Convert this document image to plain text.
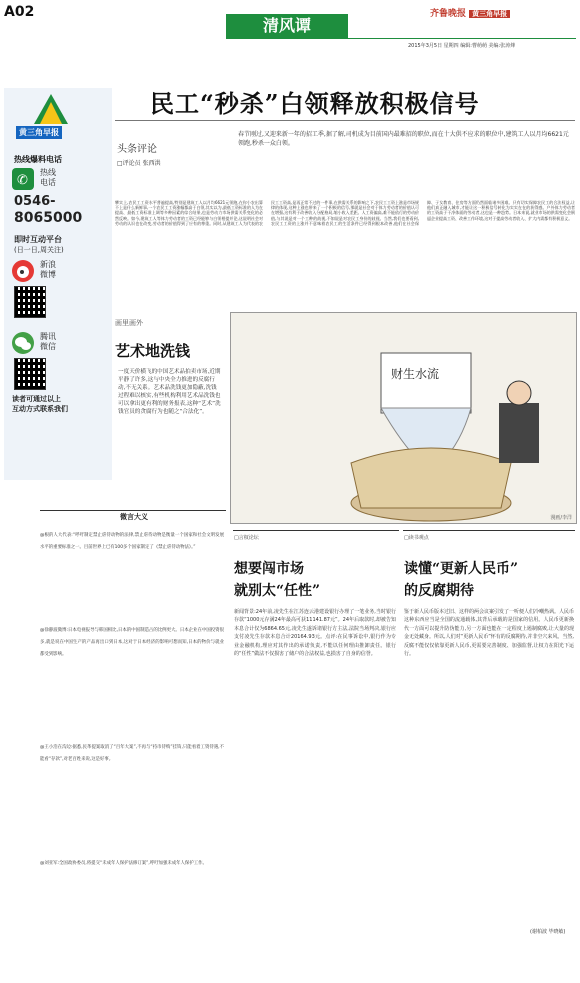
A02
清风谭
齐鲁晚报 黄三角早报
2015年3月5日 星期四 编辑:曹萌萌 美编:张涛烽
民工“秒杀”白领释放积极信号
黄三角早报
热线爆料电话
✆
热线
电话
0546-
8065000
即时互动平台
(日一日,周关注)
新浪
微博
腾讯
微信
读者可通过以上
互动方式联系我们
头条评论
□评论员 张西洪
春节刚过,又迎来新一年的招工季,据了解,司机成为目前国内最难招的职位,而在十大供不应求的职位中,建筑工人以月均6621元领跑,秒杀一众白领。
攀实上,农民工工资水平普遍提高,特别是建筑工人以月均6621元领跑,在你小农出算不上是什么新鲜事,一个农民工工资涨幅都高于白领,其实以为,最低工资标准的人为在提高、最低工资标准上调等多种因素的综合结果,也是劳动力市场供需关系变化的必然反映。如今,建筑工人等体力劳动者的工资已经能够与白领相提并论,这说明社会对劳动的认识也在改变,劳动者的价值得到了应有的尊重。同时,从建筑工人为代表的农民工工资高,是再正常不过的一件事,在供需关系的影响之下,农民工工资上涨是市场规律的体现,这种上涨也带来了一个积极的信号,那就是社会对于体力劳动者的价值认可在增强,这有利于改善收入分配格局,缩小收入差距。人工资偏高,难不能依行的劳动价值,与其说是对一个工种的歧视,不如说是对农民工身份的歧视。当然,我们也要看到,农民工工资的上涨并不意味着农民工的生活条件已经得到根本改善,他们在社会保障、子女教育、住房等方面仍然面临诸多困难。只有切实保障农民工的合法权益,让他们真正融入城市,才能让这一积极信号转化为实实在在的获得感。户外体力劳动者的工资高于干净体面的劳动者,这也是一种趋势。日本来说,就业市场的供需变化会倒逼企业提高工资、改善工作环境,这对于提高劳动者收入、扩大内需都有积极意义。
画里画外
艺术地洗钱
一度天价横飞的中国艺术品拍卖市场,近期平静了许多,这与中央全力推进的反腐行动,不无关系。艺术品洗钱更加隐蔽,洗钱过程难以核实,有些机构利用艺术品洗钱也可以拿出更有利的财务报表,这种“艺术”洗钱官员的贪腐行为也随之“合法化”。
财生水流
漫画/李洋
微言大义
@根的人大代表:“呼吁制定禁止虐待动物的法律,禁止虐待动物是衡量一个国家和社会文明发展水平的重要标准之一。目前世界上已有100多个国家制定了《禁止虐待动物法》。”
@徐静波微博:日本电视报导与韩国相比,日本的中国制造占的比例更大。日本企业在中国投资很多,就是说在中国生产的产品再出口到日本,这对于日本经济的影响可想而知,日本的物价与就业都受到影响。
@王小浩在沟边:据悉,民革提案取消了“百年大案”,不再与“持币待购”挂钩,只能看着工资待遇,不能看“存款”,对老百姓来说,这是好事。
@刘亚军:全国政协委员,将提交“未成年人保护法修订案”,呼吁加强未成年人保护工作。
□言权论坛
想要闯市场
就别太“任性”
新闻背景:24年前,凌先生在江苏连云港建设银行办理了一笔业务,当时银行存款“1000元存满24年最高可获11141.87元”。24年后取款时,却被告知本息合计仅为6864.65元,凌先生遂诉诸银行方主法,法院当场判决,银行应支付凌先生存款本息合计20164.93元。点评:在民事诉讼中,银行作为专业金融机构,理应对其作出的承诺负责,不能以任何理由推卸责任。银行的“任性”做法不仅损害了储户的合法权益,也损害了自身的信誉。
□读书观点
读懂“更新人民币”
的反腐期待
鉴于新人民币版本过旧、这样的两会议案引发了一听便人们冷嘲热讽。人民币这种东西应当是全国的流通载体,其背后承载的是国家的信用。人民币更新换代一方面可以提升防伪能力,另一方面也能在一定程度上遏制腐败,让大量的现金无处藏身。所以,人们对“更新人民币”怀有的反腐期待,并非空穴来风。当然,反腐不能仅仅依靠更新人民币,更需要完善制度、加强监督,让权力在阳光下运行。
(谢柏波 毕晓敏)
